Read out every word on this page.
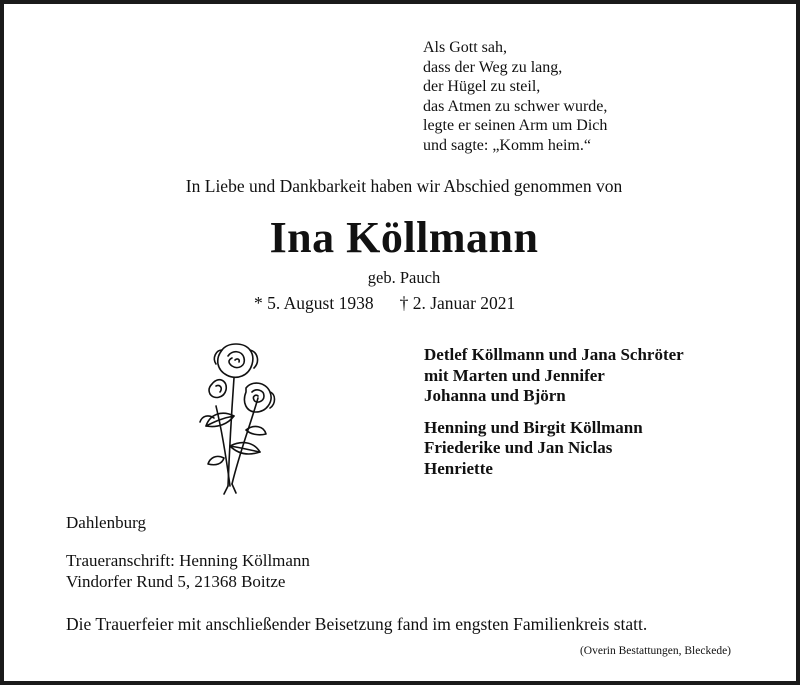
Als Gott sah,
dass der Weg zu lang,
der Hügel zu steil,
das Atmen zu schwer wurde,
legte er seinen Arm um Dich
und sagte: „Komm heim.“
In Liebe und Dankbarkeit haben wir Abschied genommen von
Ina Köllmann
geb. Pauch
* 5. August 1938 † 2. Januar 2021
Detlef Köllmann und Jana Schröter
mit Marten und Jennifer
Johanna und Björn
Henning und Birgit Köllmann
Friederike und Jan Niclas
Henriette
Dahlenburg
Traueranschrift: Henning Köllmann
Vindorfer Rund 5, 21368 Boitze
Die Trauerfeier mit anschließender Beisetzung fand im engsten Familienkreis statt.
(Overin Bestattungen, Bleckede)
